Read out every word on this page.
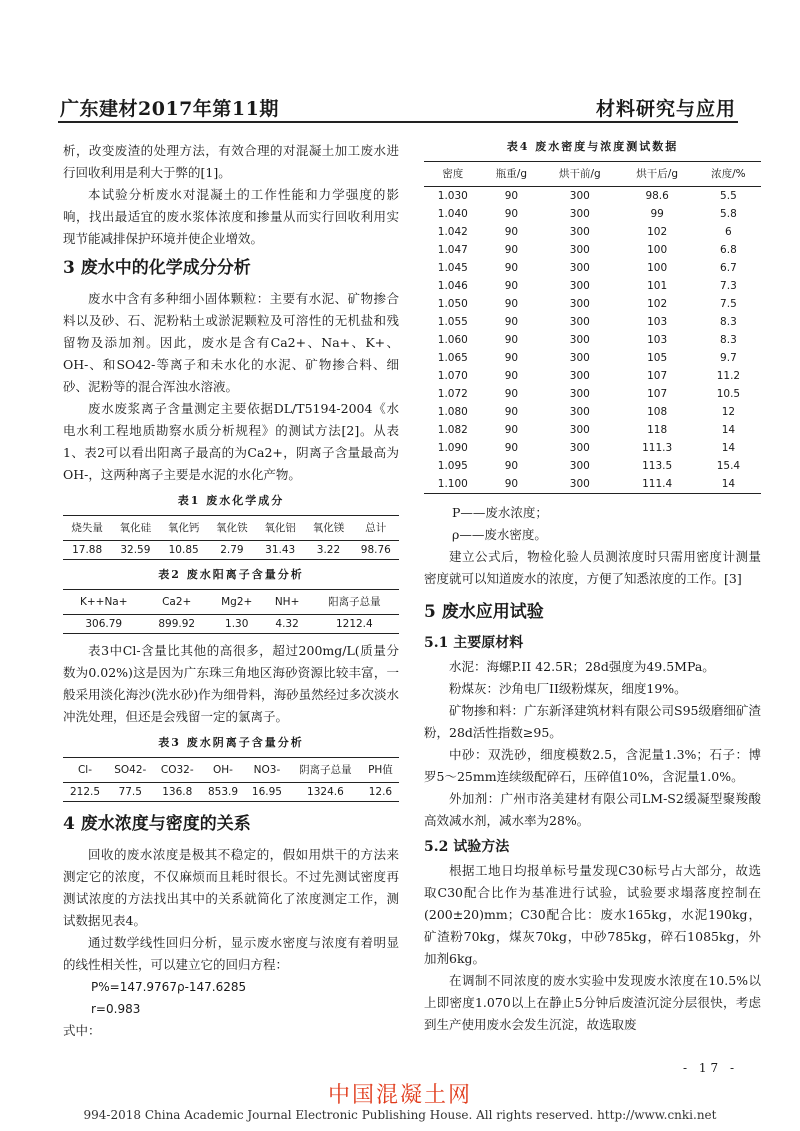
广东建材2017年第11期	材料研究与应用

析，改变废渣的处理方法，有效合理的对混凝土加工废水进行回收利用是利大于弊的[1]。

本试验分析废水对混凝土的工作性能和力学强度的影响，找出最适宜的废水浆体浓度和掺量从而实行回收利用实现节能减排保护环境并使企业增效。

3 废水中的化学成分分析

废水中含有多种细小固体颗粒：主要有水泥、矿物掺合料以及砂、石、泥粉粘土或淤泥颗粒及可溶性的无机盐和残留物及添加剂。因此，废水是含有Ca2+、Na+、K+、OH-、和SO42-等离子和未水化的水泥、矿物掺合料、细砂、泥粉等的混合浑浊水溶液。

废水废浆离子含量测定主要依据DL/T5194-2004《水电水利工程地质勘察水质分析规程》的测试方法[2]。从表1、表2可以看出阳离子最高的为Ca2+，阴离子含量最高为OH-，这两种离子主要是水泥的水化产物。

表1 废水化学成分
烧失量	氧化硅	氧化钙	氧化铁	氧化铝	氧化镁	总计
17.88	32.59	10.85	2.79	31.43	3.22	98.76
表2 废水阳离子含量分析
K++Na+	Ca2+	Mg2+	NH+	阳离子总量
306.79	899.92	1.30	4.32	1212.4

表3中Cl-含量比其他的高很多，超过200mg/L(质量分数为0.02%)这是因为广东珠三角地区海砂资源比较丰富，一般采用淡化海沙(洗水砂)作为细骨料，海砂虽然经过多次淡水冲洗处理，但还是会残留一定的氯离子。

表3 废水阴离子含量分析
Cl-	SO42-	CO32-	OH-	NO3-	阴离子总量	PH值
212.5	77.5	136.8	853.9	16.95	1324.6	12.6
4 废水浓度与密度的关系

回收的废水浓度是极其不稳定的，假如用烘干的方法来测定它的浓度，不仅麻烦而且耗时很长。不过先测试密度再测试浓度的方法找出其中的关系就简化了浓度测定工作，测试数据见表4。

通过数学线性回归分析，显示废水密度与浓度有着明显的线性相关性，可以建立它的回归方程：

P%=147.9767ρ-147.6285
r=0.983
式中：
表4 废水密度与浓度测试数据
密度	瓶重/g	烘干前/g	烘干后/g	浓度/%
1.030	90	300	98.6	5.5
1.040	90	300	99	5.8
1.042	90	300	102	6
1.047	90	300	100	6.8
1.045	90	300	100	6.7
1.046	90	300	101	7.3
1.050	90	300	102	7.5
1.055	90	300	103	8.3
1.060	90	300	103	8.3
1.065	90	300	105	9.7
1.070	90	300	107	11.2
1.072	90	300	107	10.5
1.080	90	300	108	12
1.082	90	300	118	14
1.090	90	300	111.3	14
1.095	90	300	113.5	15.4
1.100	90	300	111.4	14
P——废水浓度；
ρ——废水密度。

建立公式后，物检化验人员测浓度时只需用密度计测量密度就可以知道废水的浓度，方便了知悉浓度的工作。[3]

5 废水应用试验
5.1 主要原材料

水泥：海螺P.II 42.5R；28d强度为49.5MPa。

粉煤灰：沙角电厂II级粉煤灰，细度19%。

矿物掺和料：广东新泽建筑材料有限公司S95级磨细矿渣粉，28d活性指数≥95。

中砂：双洗砂，细度模数2.5，含泥量1.3%；石子：博罗5～25mm连续级配碎石，压碎值10%，含泥量1.0%。

外加剂：广州市洛美建材有限公司LM-S2缓凝型聚羧酸高效减水剂，减水率为28%。

5.2 试验方法

根据工地日均报单标号量发现C30标号占大部分，故选取C30配合比作为基准进行试验，试验要求塌落度控制在(200±20)mm；C30配合比：废水165kg，水泥190kg，矿渣粉70kg，煤灰70kg，中砂785kg，碎石1085kg，外加剂6kg。

在调制不同浓度的废水实验中发现废水浓度在10.5%以上即密度1.070以上在静止5分钟后废渣沉淀分层很快，考虑到生产使用废水会发生沉淀，故选取废

- 17 -
中国混凝土网
994-2018 China Academic Journal Electronic Publishing House. All rights reserved. http://www.cnki.net
